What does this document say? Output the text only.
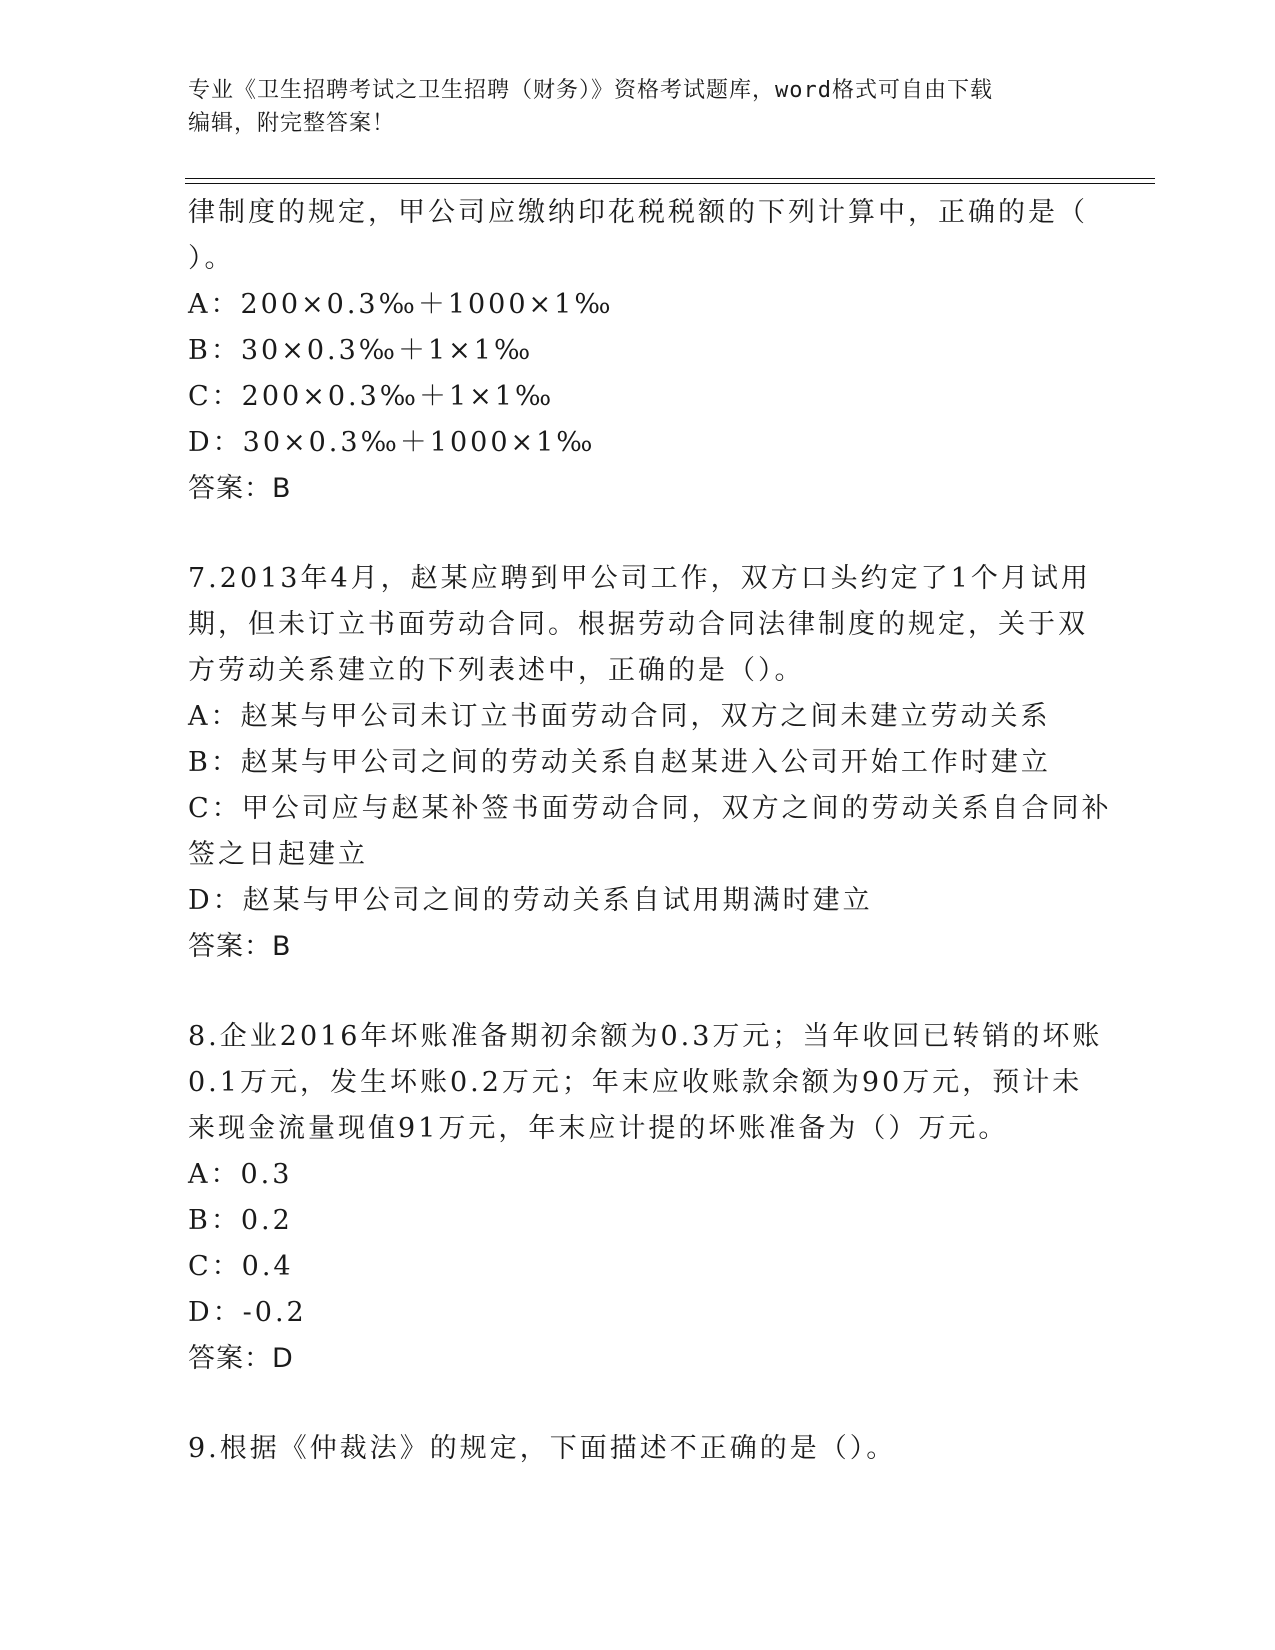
专业《卫生招聘考试之卫生招聘（财务）》资格考试题库，word格式可自由下载
编辑，附完整答案！
律制度的规定，甲公司应缴纳印花税税额的下列计算中，正确的是（
）。
A：200×0.3‰＋1000×1‰
B：30×0.3‰＋1×1‰
C：200×0.3‰＋1×1‰
D：30×0.3‰＋1000×1‰
答案：B
7.2013年4月，赵某应聘到甲公司工作，双方口头约定了1个月试用
期，但未订立书面劳动合同。根据劳动合同法律制度的规定，关于双
方劳动关系建立的下列表述中，正确的是（）。
A：赵某与甲公司未订立书面劳动合同，双方之间未建立劳动关系
B：赵某与甲公司之间的劳动关系自赵某进入公司开始工作时建立
C：甲公司应与赵某补签书面劳动合同，双方之间的劳动关系自合同补
签之日起建立
D：赵某与甲公司之间的劳动关系自试用期满时建立
答案：B
8.企业2016年坏账准备期初余额为0.3万元；当年收回已转销的坏账
0.1万元，发生坏账0.2万元；年末应收账款余额为90万元，预计未
来现金流量现值91万元，年末应计提的坏账准备为（）万元。
A：0.3
B：0.2
C：0.4
D：-0.2
答案：D
9.根据《仲裁法》的规定，下面描述不正确的是（）。
